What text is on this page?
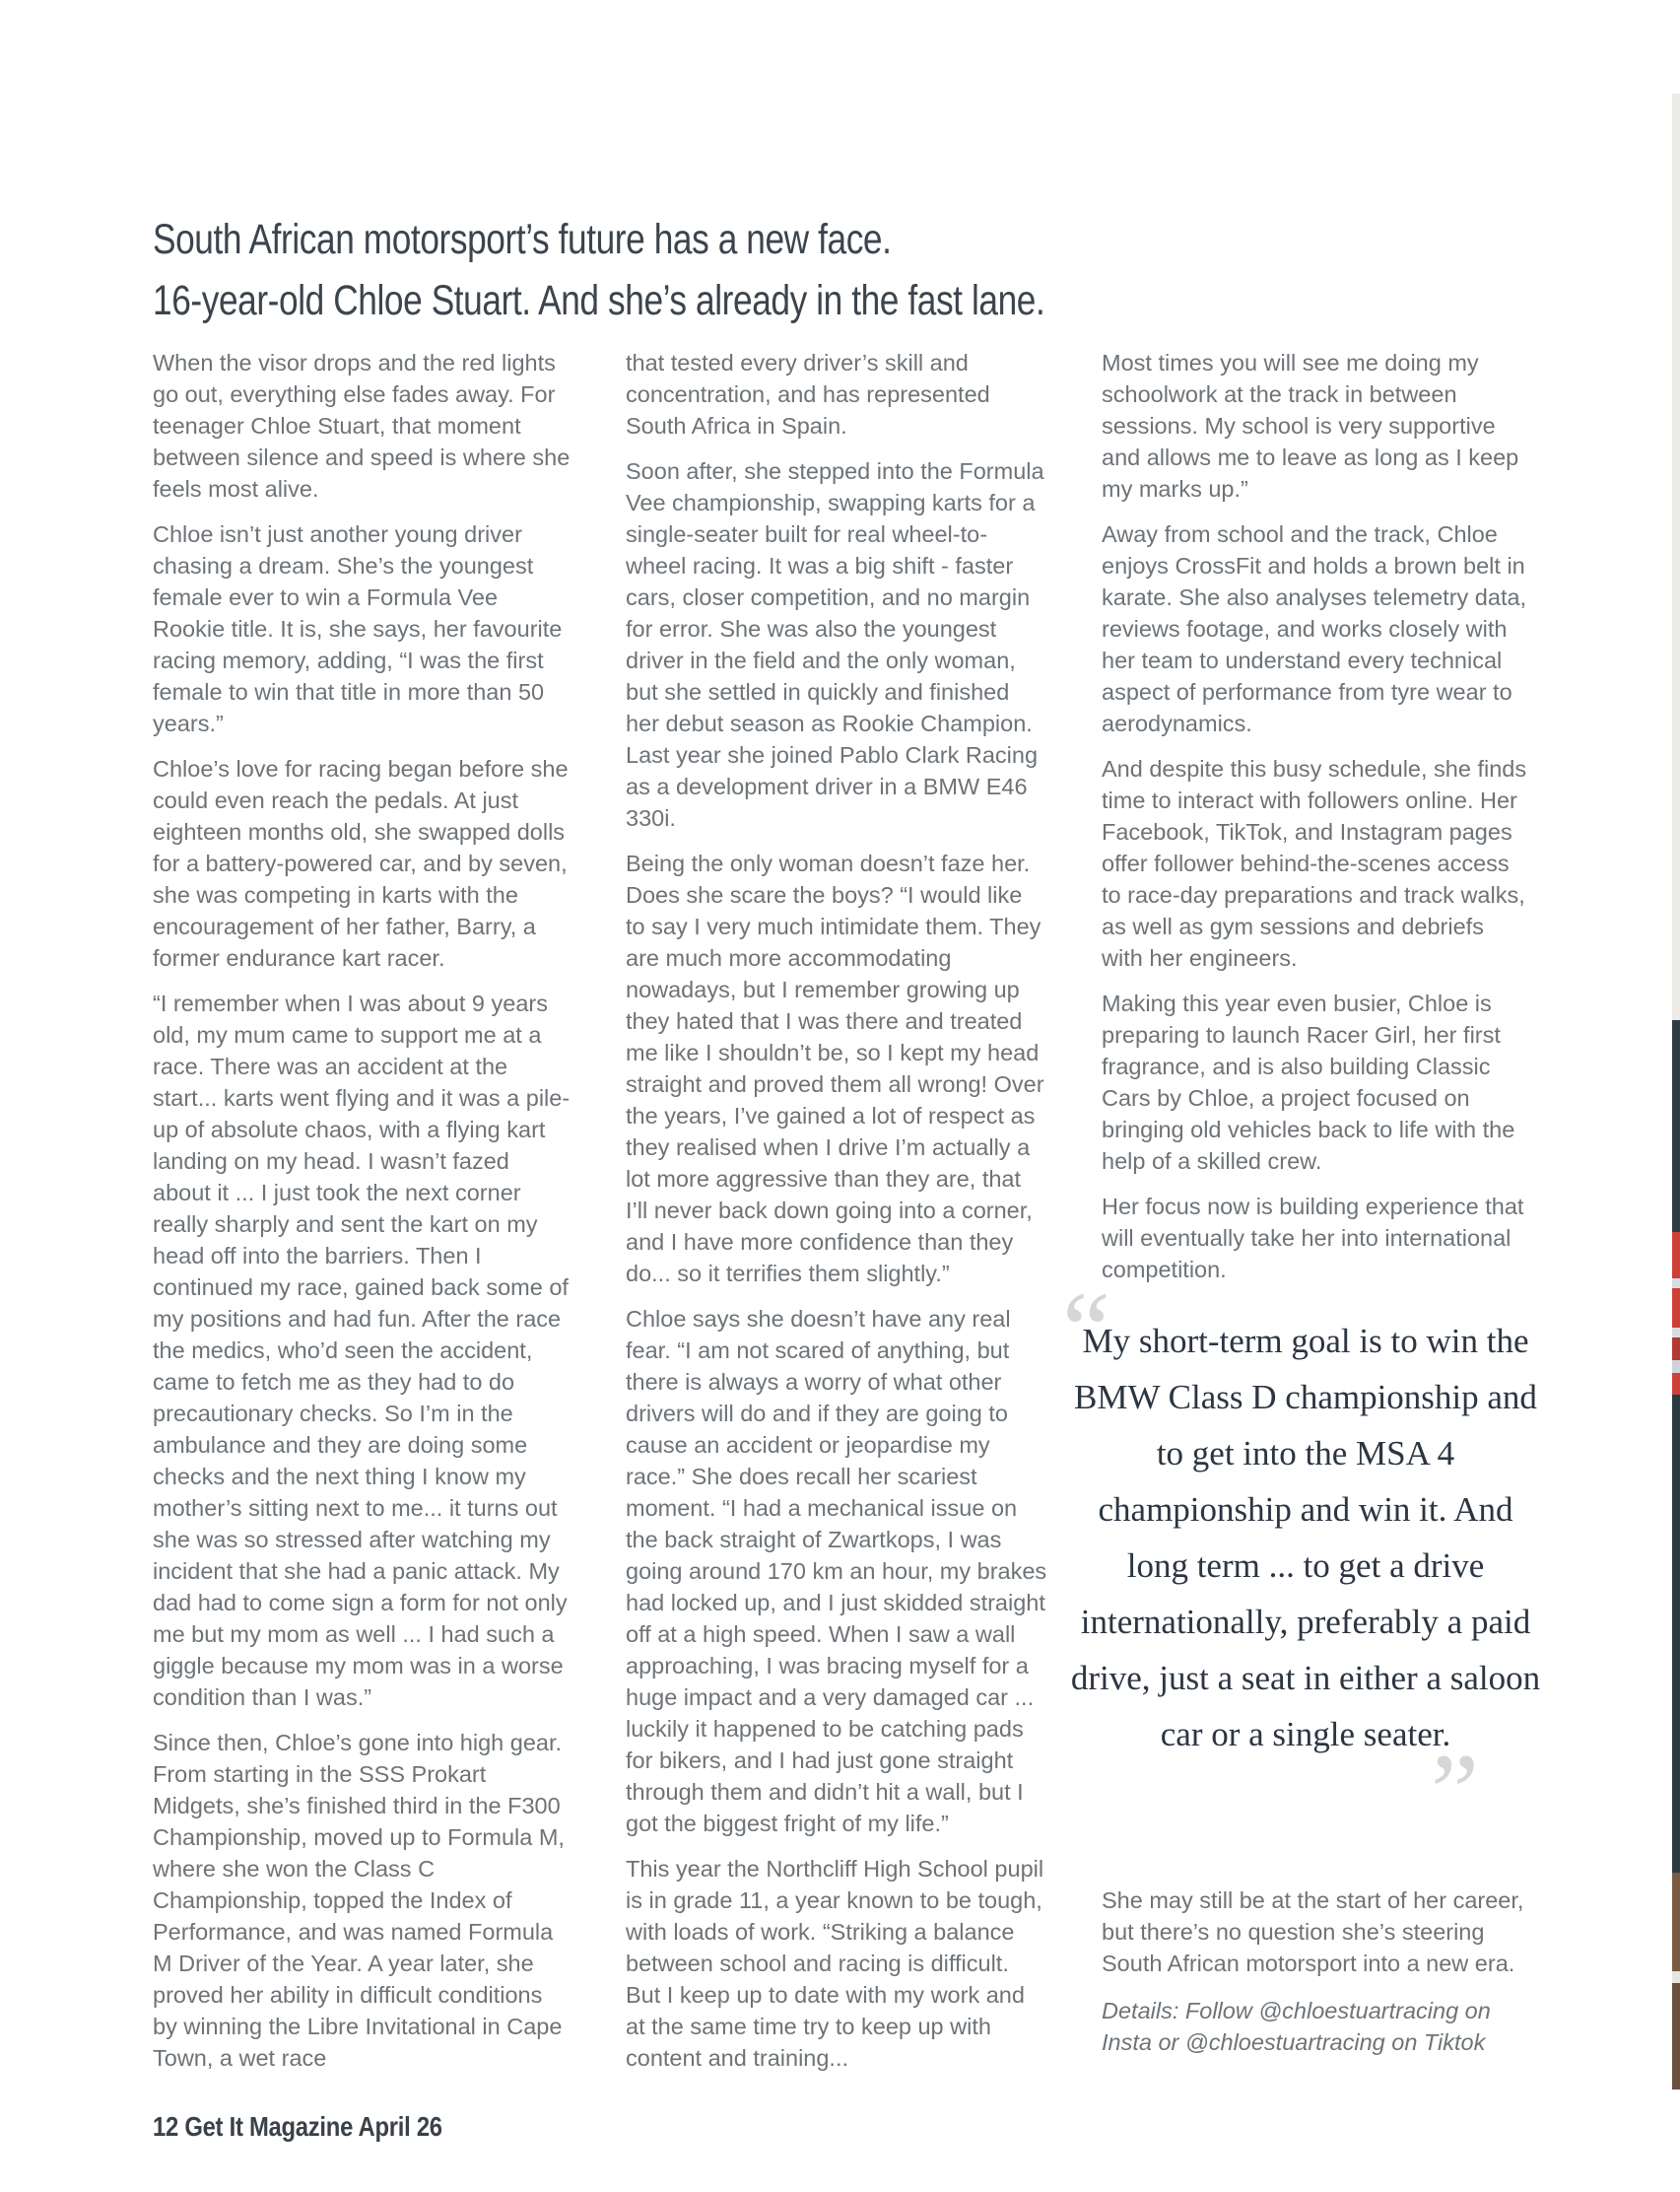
South African motorsport’s future has a new face.
16-year-old Chloe Stuart. And she’s already in the fast lane.

When the visor drops and the red lights go out, everything else fades away. For teenager Chloe Stuart, that moment between silence and speed is where she feels most alive.

Chloe isn’t just another young driver chasing a dream. She’s the youngest female ever to win a Formula Vee Rookie title. It is, she says, her favourite racing memory, adding, “I was the first female to win that title in more than 50 years.”

Chloe’s love for racing began before she could even reach the pedals. At just eighteen months old, she swapped dolls for a battery-powered car, and by seven, she was competing in karts with the encouragement of her father, Barry, a former endurance kart racer.

“I remember when I was about 9 years old, my mum came to support me at a race. There was an accident at the start... karts went flying and it was a pile-up of absolute chaos, with a flying kart landing on my head. I wasn’t fazed about it ... I just took the next corner really sharply and sent the kart on my head off into the barriers. Then I continued my race, gained back some of my positions and had fun. After the race the medics, who’d seen the accident, came to fetch me as they had to do precautionary checks. So I’m in the ambulance and they are doing some checks and the next thing I know my mother’s sitting next to me... it turns out she was so stressed after watching my incident that she had a panic attack. My dad had to come sign a form for not only me but my mom as well ... I had such a giggle because my mom was in a worse condition than I was.”

Since then, Chloe’s gone into high gear. From starting in the SSS Prokart Midgets, she’s finished third in the F300 Championship, moved up to Formula M, where she won the Class C Championship, topped the Index of Performance, and was named Formula M Driver of the Year. A year later, she proved her ability in difficult conditions by winning the Libre Invitational in Cape Town, a wet race

that tested every driver’s skill and concentration, and has represented South Africa in Spain.

Soon after, she stepped into the Formula Vee championship, swapping karts for a single-seater built for real wheel-to-wheel racing. It was a big shift - faster cars, closer competition, and no margin for error. She was also the youngest driver in the field and the only woman, but she settled in quickly and finished her debut season as Rookie Champion. Last year she joined Pablo Clark Racing as a development driver in a BMW E46 330i.

Being the only woman doesn’t faze her. Does she scare the boys? “I would like to say I very much intimidate them. They are much more accommodating nowadays, but I remember growing up they hated that I was there and treated me like I shouldn’t be, so I kept my head straight and proved them all wrong! Over the years, I’ve gained a lot of respect as they realised when I drive I’m actually a lot more aggressive than they are, that I’ll never back down going into a corner, and I have more confidence than they do... so it terrifies them slightly.”

Chloe says she doesn’t have any real fear. “I am not scared of anything, but there is always a worry of what other drivers will do and if they are going to cause an accident or jeopardise my race.” She does recall her scariest moment. “I had a mechanical issue on the back straight of Zwartkops, I was going around 170 km an hour, my brakes had locked up, and I just skidded straight off at a high speed. When I saw a wall approaching, I was bracing myself for a huge impact and a very damaged car ... luckily it happened to be catching pads for bikers, and I had just gone straight through them and didn’t hit a wall, but I got the biggest fright of my life.”

This year the Northcliff High School pupil is in grade 11, a year known to be tough, with loads of work. “Striking a balance between school and racing is difficult. But I keep up to date with my work and at the same time try to keep up with content and training...

Most times you will see me doing my schoolwork at the track in between sessions. My school is very supportive and allows me to leave as long as I keep my marks up.”

Away from school and the track, Chloe enjoys CrossFit and holds a brown belt in karate. She also analyses telemetry data, reviews footage, and works closely with her team to understand every technical aspect of performance from tyre wear to aerodynamics.

And despite this busy schedule, she finds time to interact with followers online. Her Facebook, TikTok, and Instagram pages offer follower behind-the-scenes access to race-day preparations and track walks, as well as gym sessions and debriefs with her engineers.

Making this year even busier, Chloe is preparing to launch Racer Girl, her first fragrance, and is also building Classic Cars by Chloe, a project focused on bringing old vehicles back to life with the help of a skilled crew.

Her focus now is building experience that will eventually take her into international competition.

“

My short-term goal is to win the BMW Class D championship and to get into the MSA 4 championship and win it. And long term ... to get a drive internationally, preferably a paid drive, just a seat in either a saloon car or a single seater.

”

She may still be at the start of her career, but there’s no question she’s steering South African motorsport into a new era.

Details: Follow @chloestuartracing on Insta or @chloestuartracing on Tiktok

12 Get It Magazine April 26
